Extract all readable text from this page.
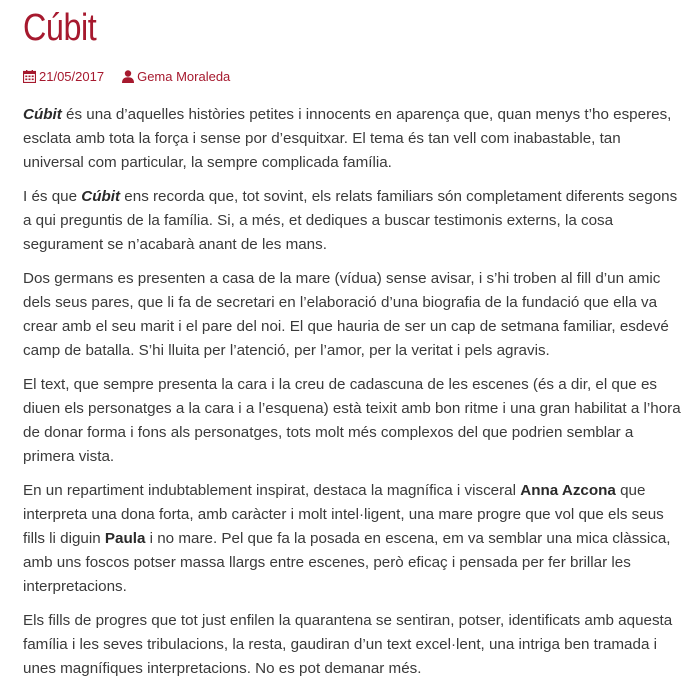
Cúbit
21/05/2017	Gema Moraleda

Cúbit és una d’aquelles històries petites i innocents en aparença que, quan menys t’ho esperes, esclata amb tota la força i sense por d’esquitxar. El tema és tan vell com inabastable, tan universal com particular, la sempre complicada família.

I és que Cúbit ens recorda que, tot sovint, els relats familiars són completament diferents segons a qui preguntis de la família. Si, a més, et dediques a buscar testimonis externs, la cosa segurament se n’acabarà anant de les mans.

Dos germans es presenten a casa de la mare (vídua) sense avisar, i s’hi troben al fill d’un amic dels seus pares, que li fa de secretari en l’elaboració d’una biografia de la fundació que ella va crear amb el seu marit i el pare del noi. El que hauria de ser un cap de setmana familiar, esdevé camp de batalla. S’hi lluita per l’atenció, per l’amor, per la veritat i pels agravis.

El text, que sempre presenta la cara i la creu de cadascuna de les escenes (és a dir, el que es diuen els personatges a la cara i a l’esquena) està teixit amb bon ritme i una gran habilitat a l’hora de donar forma i fons als personatges, tots molt més complexos del que podrien semblar a primera vista.

En un repartiment indubtablement inspirat, destaca la magnífica i visceral Anna Azcona que interpreta una dona forta, amb caràcter i molt intel·ligent, una mare progre que vol que els seus fills li diguin Paula i no mare. Pel que fa la posada en escena, em va semblar una mica clàssica, amb uns foscos potser massa llargs entre escenes, però eficaç i pensada per fer brillar les interpretacions.

Els fills de progres que tot just enfilen la quarantena se sentiran, potser, identificats amb aquesta família i les seves tribulacions, la resta, gaudiran d’un text excel·lent, una intriga ben tramada i unes magnífiques interpretacions. No es pot demanar més.
